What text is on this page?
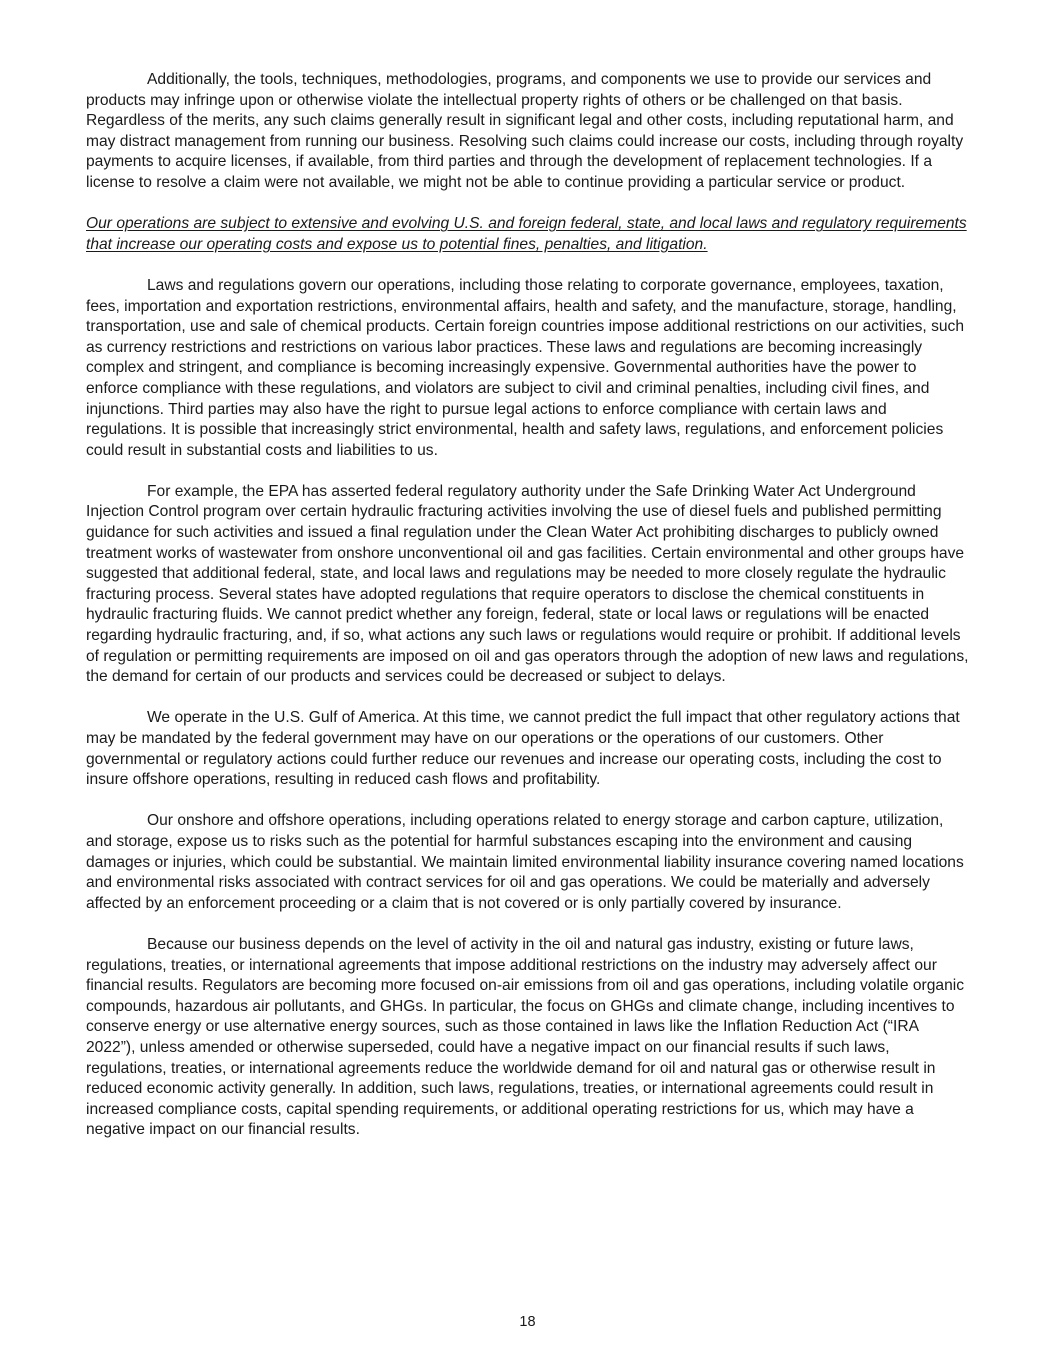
Additionally, the tools, techniques, methodologies, programs, and components we use to provide our services and products may infringe upon or otherwise violate the intellectual property rights of others or be challenged on that basis. Regardless of the merits, any such claims generally result in significant legal and other costs, including reputational harm, and may distract management from running our business. Resolving such claims could increase our costs, including through royalty payments to acquire licenses, if available, from third parties and through the development of replacement technologies. If a license to resolve a claim were not available, we might not be able to continue providing a particular service or product.

Our operations are subject to extensive and evolving U.S. and foreign federal, state, and local laws and regulatory requirements that increase our operating costs and expose us to potential fines, penalties, and litigation.

Laws and regulations govern our operations, including those relating to corporate governance, employees, taxation, fees, importation and exportation restrictions, environmental affairs, health and safety, and the manufacture, storage, handling, transportation, use and sale of chemical products. Certain foreign countries impose additional restrictions on our activities, such as currency restrictions and restrictions on various labor practices. These laws and regulations are becoming increasingly complex and stringent, and compliance is becoming increasingly expensive. Governmental authorities have the power to enforce compliance with these regulations, and violators are subject to civil and criminal penalties, including civil fines, and injunctions. Third parties may also have the right to pursue legal actions to enforce compliance with certain laws and regulations. It is possible that increasingly strict environmental, health and safety laws, regulations, and enforcement policies could result in substantial costs and liabilities to us.

For example, the EPA has asserted federal regulatory authority under the Safe Drinking Water Act Underground Injection Control program over certain hydraulic fracturing activities involving the use of diesel fuels and published permitting guidance for such activities and issued a final regulation under the Clean Water Act prohibiting discharges to publicly owned treatment works of wastewater from onshore unconventional oil and gas facilities. Certain environmental and other groups have suggested that additional federal, state, and local laws and regulations may be needed to more closely regulate the hydraulic fracturing process. Several states have adopted regulations that require operators to disclose the chemical constituents in hydraulic fracturing fluids. We cannot predict whether any foreign, federal, state or local laws or regulations will be enacted regarding hydraulic fracturing, and, if so, what actions any such laws or regulations would require or prohibit. If additional levels of regulation or permitting requirements are imposed on oil and gas operators through the adoption of new laws and regulations, the demand for certain of our products and services could be decreased or subject to delays.

We operate in the U.S. Gulf of America. At this time, we cannot predict the full impact that other regulatory actions that may be mandated by the federal government may have on our operations or the operations of our customers. Other governmental or regulatory actions could further reduce our revenues and increase our operating costs, including the cost to insure offshore operations, resulting in reduced cash flows and profitability.

Our onshore and offshore operations, including operations related to energy storage and carbon capture, utilization, and storage, expose us to risks such as the potential for harmful substances escaping into the environment and causing damages or injuries, which could be substantial. We maintain limited environmental liability insurance covering named locations and environmental risks associated with contract services for oil and gas operations. We could be materially and adversely affected by an enforcement proceeding or a claim that is not covered or is only partially covered by insurance.

Because our business depends on the level of activity in the oil and natural gas industry, existing or future laws, regulations, treaties, or international agreements that impose additional restrictions on the industry may adversely affect our financial results. Regulators are becoming more focused on-air emissions from oil and gas operations, including volatile organic compounds, hazardous air pollutants, and GHGs. In particular, the focus on GHGs and climate change, including incentives to conserve energy or use alternative energy sources, such as those contained in laws like the Inflation Reduction Act (“IRA 2022”), unless amended or otherwise superseded, could have a negative impact on our financial results if such laws, regulations, treaties, or international agreements reduce the worldwide demand for oil and natural gas or otherwise result in reduced economic activity generally. In addition, such laws, regulations, treaties, or international agreements could result in increased compliance costs, capital spending requirements, or additional operating restrictions for us, which may have a negative impact on our financial results.

18
